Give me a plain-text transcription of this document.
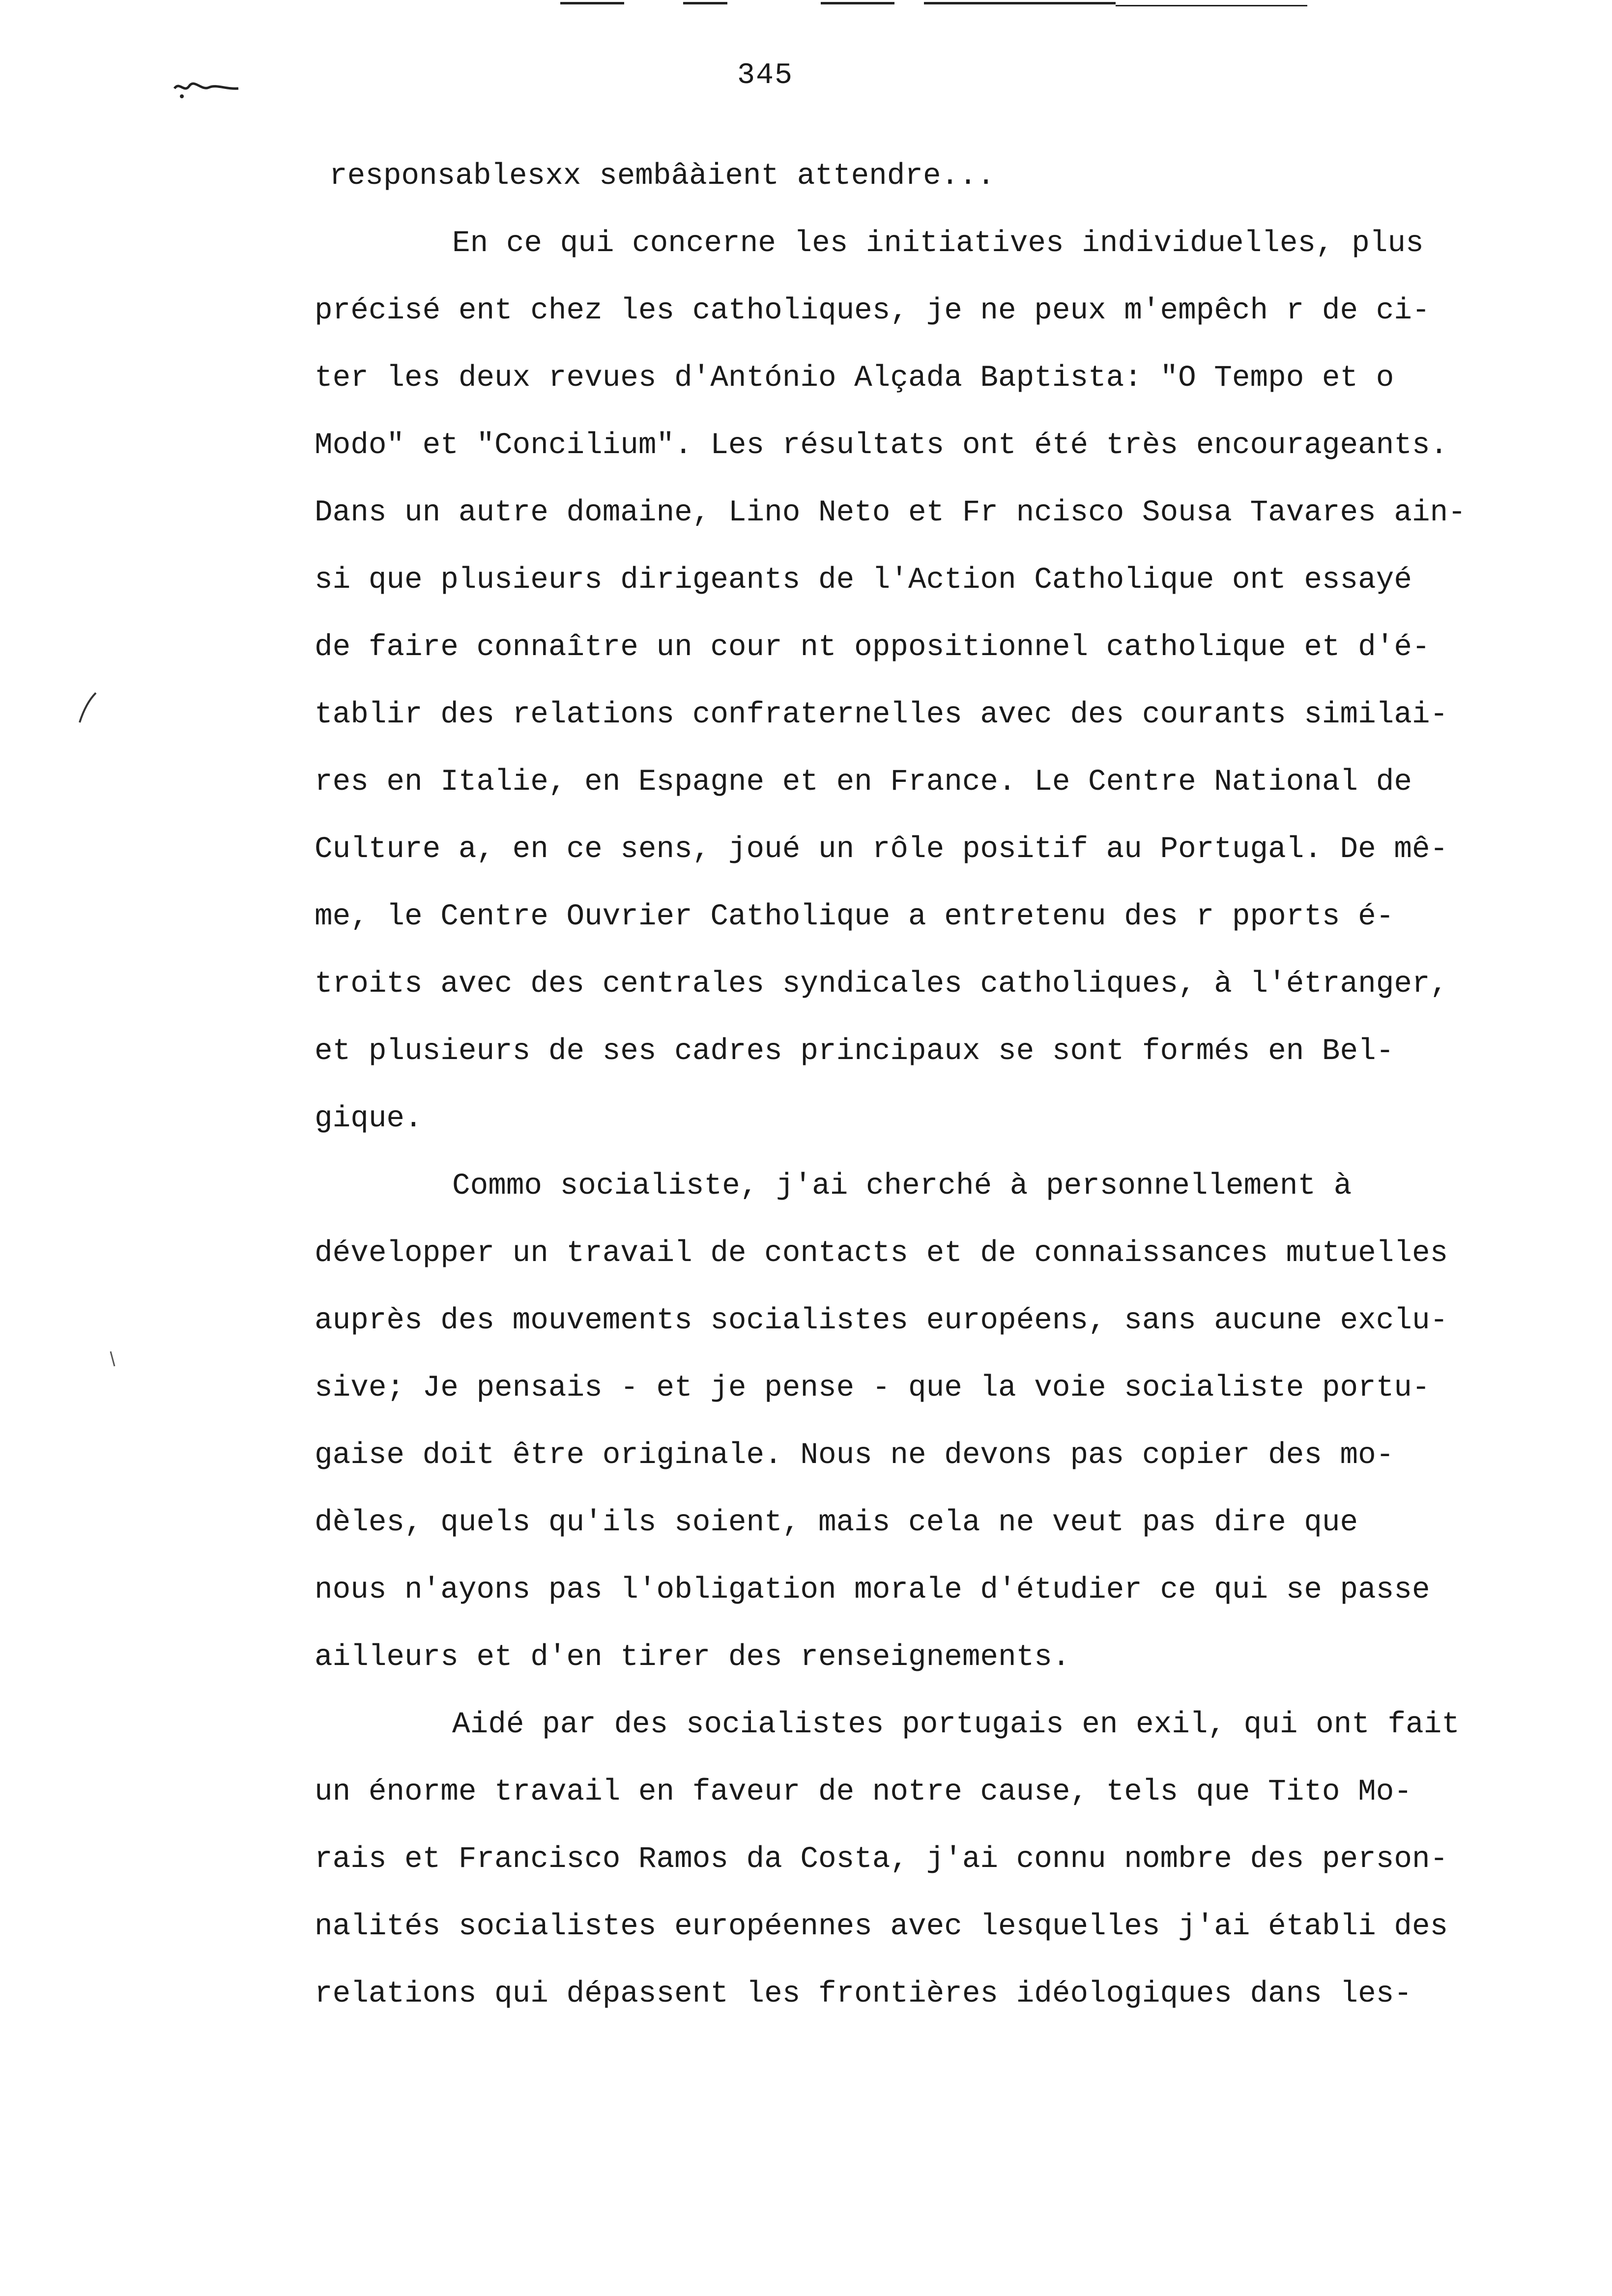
345
responsablesxx sembâàient attendre...
En ce qui concerne les initiatives individuelles, plus
précisé ent chez les catholiques, je ne peux m'empêch r de ci-
ter les deux revues d'António Alçada Baptista: "O Tempo et o
Modo" et "Concilium". Les résultats ont été très encourageants.
Dans un autre domaine, Lino Neto et Fr ncisco Sousa Tavares ain-
si que plusieurs dirigeants de l'Action Catholique ont essayé
de faire connaître un cour nt oppositionnel catholique et d'é-
tablir des relations confraternelles avec des courants similai-
res en Italie, en Espagne et en France. Le Centre National de
Culture a, en ce sens, joué un rôle positif au Portugal. De mê-
me, le Centre Ouvrier Catholique a entretenu des r pports é-
troits avec des centrales syndicales catholiques, à l'étranger,
et plusieurs de ses cadres principaux se sont formés en Bel-
gique.
Commo socialiste, j'ai cherché à personnellement à
développer un travail de contacts et de connaissances mutuelles
auprès des mouvements socialistes européens, sans aucune exclu-
sive; Je pensais - et je pense - que la voie socialiste portu-
gaise doit être originale. Nous ne devons pas copier des mo-
dèles, quels qu'ils soient, mais cela ne veut pas dire que
nous n'ayons pas l'obligation morale d'étudier ce qui se passe
ailleurs et d'en tirer des renseignements.
Aidé par des socialistes portugais en exil, qui ont fait
un énorme travail en faveur de notre cause, tels que Tito Mo-
rais et Francisco Ramos da Costa, j'ai connu nombre des person-
nalités socialistes européennes avec lesquelles j'ai établi des
relations qui dépassent les frontières idéologiques dans les-
